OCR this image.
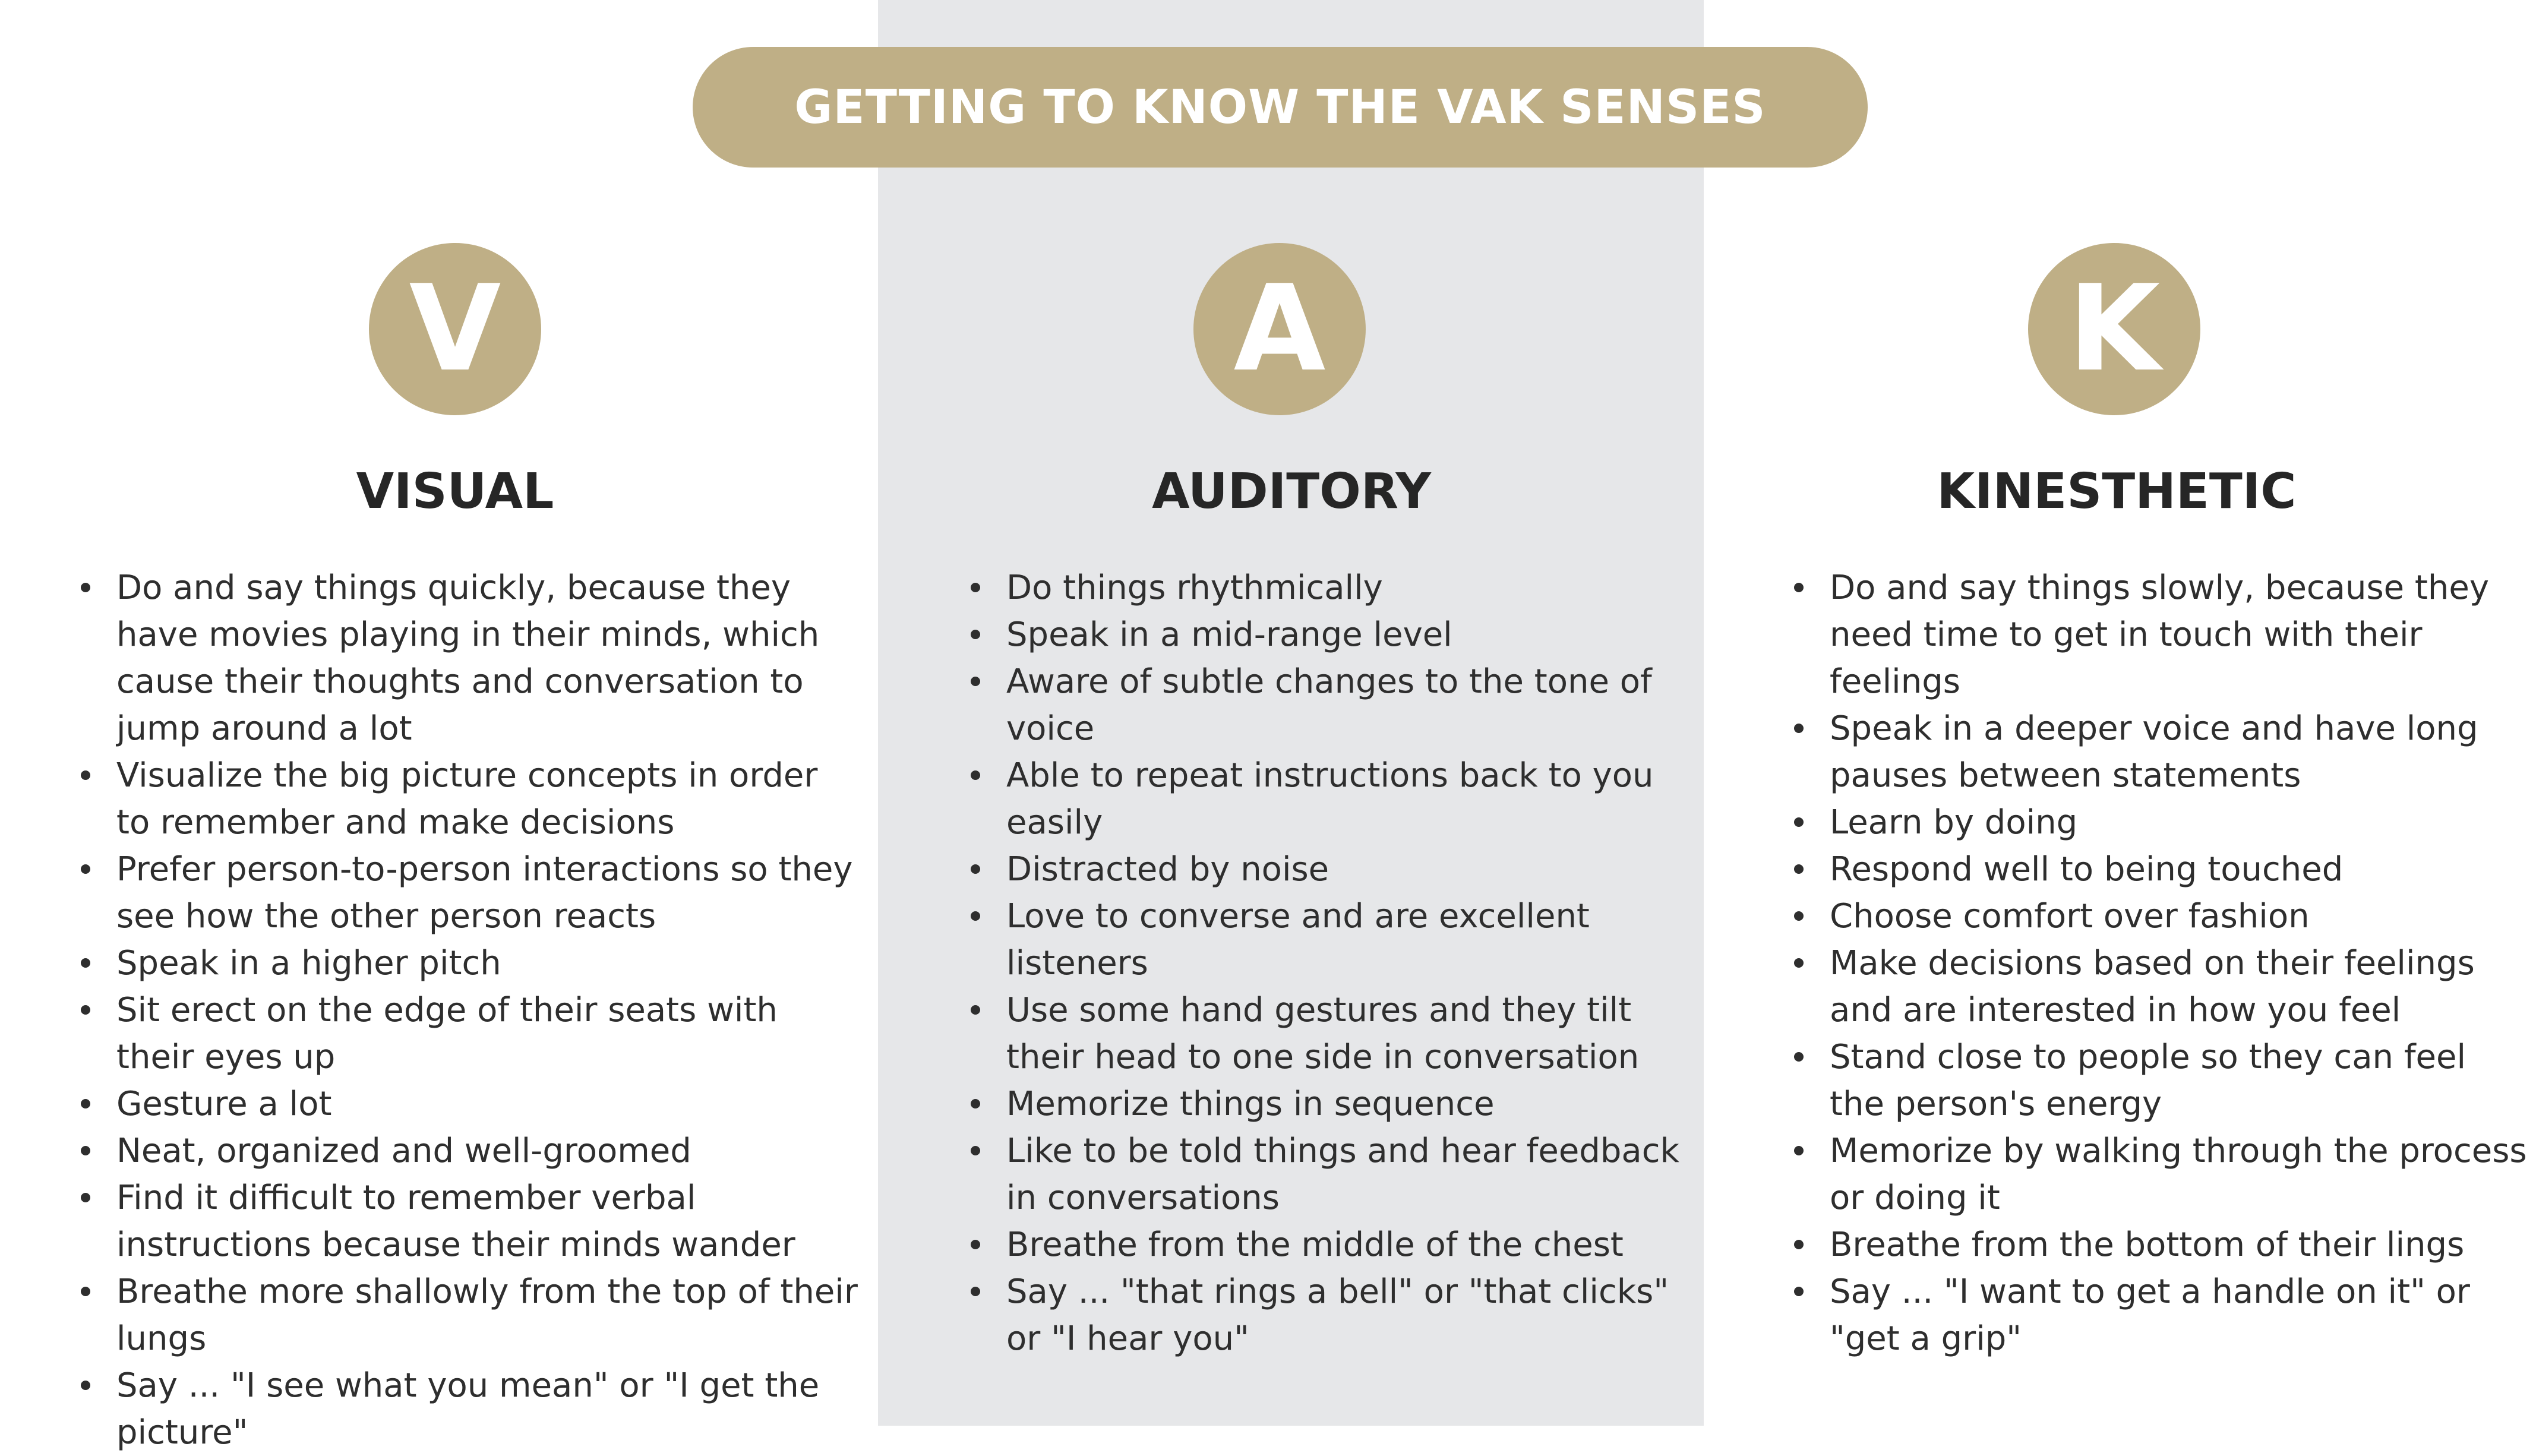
GETTING TO KNOW THE VAK SENSES
V
VISUAL
Do and say things quickly, because they have movies playing in their minds, which cause their thoughts and conversation to jump around a lot
Visualize the big picture concepts in order to remember and make decisions
Prefer person-to-person interactions so they see how the other person reacts
Speak in a higher pitch
Sit erect on the edge of their seats with their eyes up
Gesture a lot
Neat, organized and well-groomed
Find it difficult to remember verbal instructions because their minds wander
Breathe more shallowly from the top of their lungs
Say ... "I see what you mean" or "I get the picture"
A
AUDITORY
Do things rhythmically
Speak in a mid-range level
Aware of subtle changes to the tone of voice
Able to repeat instructions back to you easily
Distracted by noise
Love to converse and are excellent listeners
Use some hand gestures and they tilt their head to one side in conversation
Memorize things in sequence
Like to be told things and hear feedback in conversations
Breathe from the middle of the chest
Say ... "that rings a bell" or "that clicks" or "I hear you"
K
KINESTHETIC
Do and say things slowly, because they need time to get in touch with their feelings
Speak in a deeper voice and have long pauses between statements
Learn by doing
Respond well to being touched
Choose comfort over fashion
Make decisions based on their feelings and are interested in how you feel
Stand close to people so they can feel the person's energy
Memorize by walking through the process or doing it
Breathe from the bottom of their lings
Say ... "I want to get a handle on it" or "get a grip"
